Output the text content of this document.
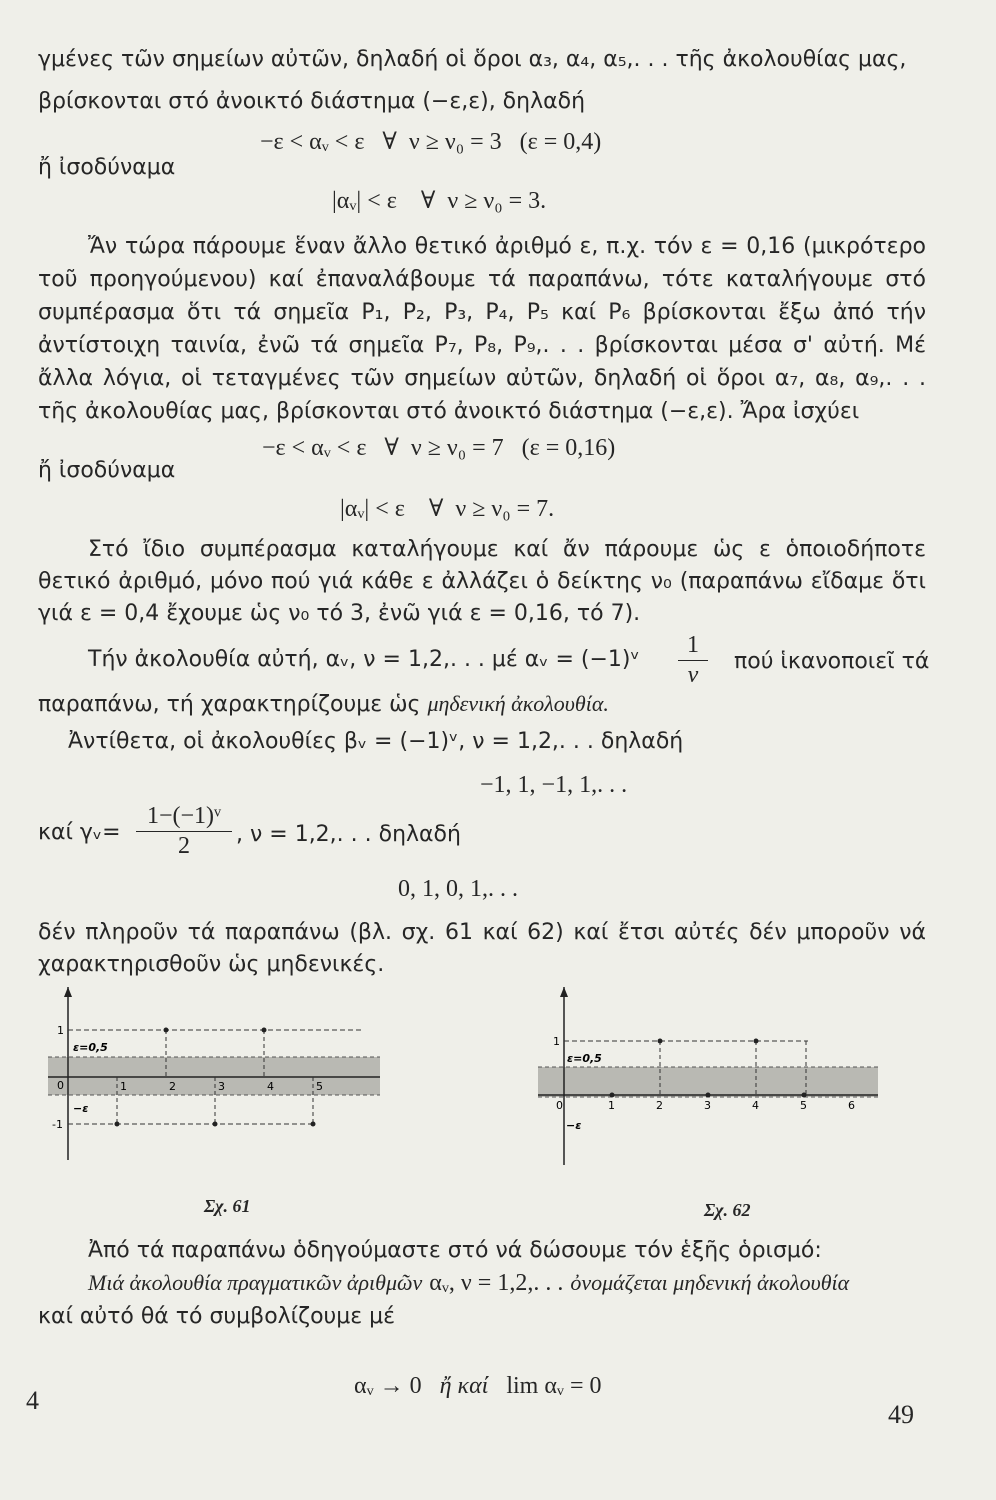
γμένες τῶν σημείων αὐτῶν, δηλαδή οἱ ὅροι α₃, α₄, α₅,. . . τῆς ἀκολουθίας μας,

βρίσκονται στό ἀνοικτό διάστημα (−ε,ε), δηλαδή

−ε < αᵥ < ε   ∀  ν ≥ ν₀ = 3   (ε = 0,4)

ἤ ἰσοδύναμα

|αᵥ| < ε    ∀  ν ≥ ν₀ = 3.

Ἄν τώρα πάρουμε ἕναν ἄλλο θετικό ἀριθμό ε, π.χ. τόν ε = 0,16 (μικρότερο τοῦ προηγούμενου) καί ἐπαναλάβουμε τά παραπάνω, τότε καταλήγουμε στό συμπέρασμα ὅτι τά σημεῖα P₁, P₂, P₃, P₄, P₅ καί P₆ βρίσκονται ἔξω ἀπό τήν ἀντίστοιχη ταινία, ἐνῶ τά σημεῖα P₇, P₈, P₉,. . . βρίσκονται μέσα σ' αὐτή. Μέ ἄλλα λόγια, οἱ τεταγμένες τῶν σημείων αὐτῶν, δηλαδή οἱ ὅροι α₇, α₈, α₉,. . . τῆς ἀκολουθίας μας, βρίσκονται στό ἀνοικτό διάστημα (−ε,ε). Ἄρα ἰσχύει

−ε < αᵥ < ε   ∀  ν ≥ ν₀ = 7   (ε = 0,16)

ἤ ἰσοδύναμα

|αᵥ| < ε    ∀  ν ≥ ν₀ = 7.

Στό ἴδιο συμπέρασμα καταλήγουμε καί ἄν πάρουμε ὡς ε ὁποιοδήποτε θετικό ἀριθμό, μόνο πού γιά κάθε ε ἀλλάζει ὁ δείκτης ν₀ (παραπάνω εἴδαμε ὅτι γιά ε = 0,4 ἔχουμε ὡς ν₀ τό 3, ἐνῶ γιά ε = 0,16, τό 7).

Τήν ἀκολουθία αὐτή, αᵥ, ν = 1,2,. . . μέ αᵥ = (−1)ᵛ $\frac{1}{\nu}$ πού ἱκανοποιεῖ τά

παραπάνω, τή χαρακτηρίζουμε ὡς μηδενική ἀκολουθία.

Ἀντίθετα, οἱ ἀκολουθίες βᵥ = (−1)ᵛ, ν = 1,2,. . . δηλαδή

−1, 1, −1, 1,. . .

καί γᵥ= $\frac{\text{1−(−1)ᵛ}}{2}$ , ν = 1,2,. . . δηλαδή

0, 1, 0, 1,. . .

δέν πληροῦν τά παραπάνω (βλ. σχ. 61 καί 62) καί ἔτσι αὐτές δέν μποροῦν νά χαρακτηρισθοῦν ὡς μηδενικές.

ε=0,5
−ε
1
0
-1
1	2	3	4	5
ε=0,5
−ε
1
0	1	2	3	4	5	6

Σχ. 61	Σχ. 62

Ἀπό τά παραπάνω ὁδηγούμαστε στό νά δώσουμε τόν ἑξῆς ὁρισμό:

Μιά ἀκολουθία πραγματικῶν ἀριθμῶν αᵥ, ν = 1,2,. . . ὀνομάζεται μηδενική ἀκολουθία

καί αὐτό θά τό συμβολίζουμε μέ

αᵥ → 0 ἤ καί lim αᵥ = 0

4	49
